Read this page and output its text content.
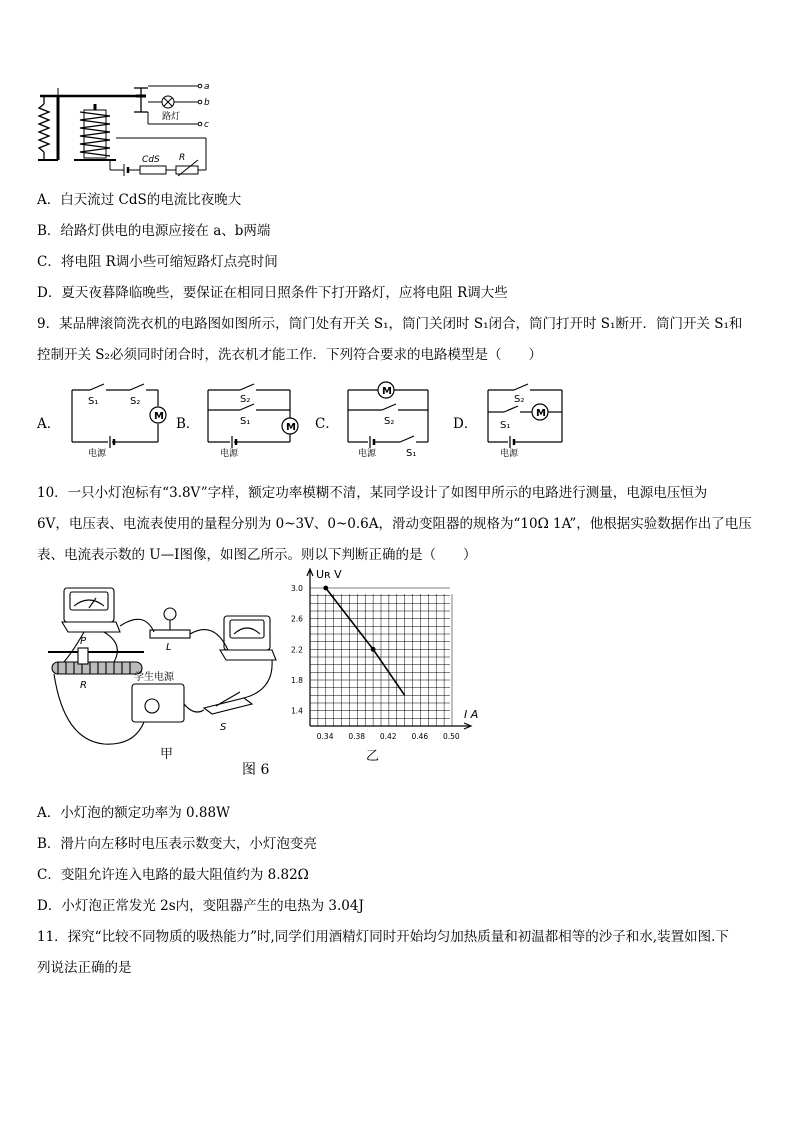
a
b
c
路灯
CdS R
A．白天流过 CdS的电流比夜晚大
B．给路灯供电的电源应接在 a、b两端
C．将电阻 R调小些可缩短路灯点亮时间
D．夏天夜暮降临晚些，要保证在相同日照条件下打开路灯，应将电阻 R调大些
9．某品牌滚筒洗衣机的电路图如图所示，筒门处有开关 S₁，筒门关闭时 S₁闭合，筒门打开时 S₁断开．筒门开关 S₁和
控制开关 S₂必须同时闭合时，洗衣机才能工作．下列符合要求的电路模型是（　　）
A．	B．	C．	D．
M
S₁	S₂
电源
M
S₂
S₁
电源
M
S₂
电源	S₁
M
S₂
S₁
电源
10．一只小灯泡标有“3.8V”字样，额定功率模糊不清，某同学设计了如图甲所示的电路进行测量，电源电压恒为
6V，电压表、电流表使用的量程分别为 0~3V、0~0.6A，滑动变阻器的规格为“10Ω 1A”，他根据实验数据作出了电压
表、电流表示数的 U—I图像，如图乙所示。则以下判断正确的是（　　）
P
R
L
S
学生电源
甲
图 6
乙
0.34 0.38 0.42 0.46 0.50
3.0
2.6
2.2
1.8
1.4
Uʀ V
I A
A．小灯泡的额定功率为 0.88W
B．滑片向左移时电压表示数变大，小灯泡变亮
C．变阻允许连入电路的最大阻值约为 8.82Ω
D．小灯泡正常发光 2s内，变阻器产生的电热为 3.04J
11．探究“比较不同物质的吸热能力”时,同学们用酒精灯同时开始均匀加热质量和初温都相等的沙子和水,装置如图.下
列说法正确的是
